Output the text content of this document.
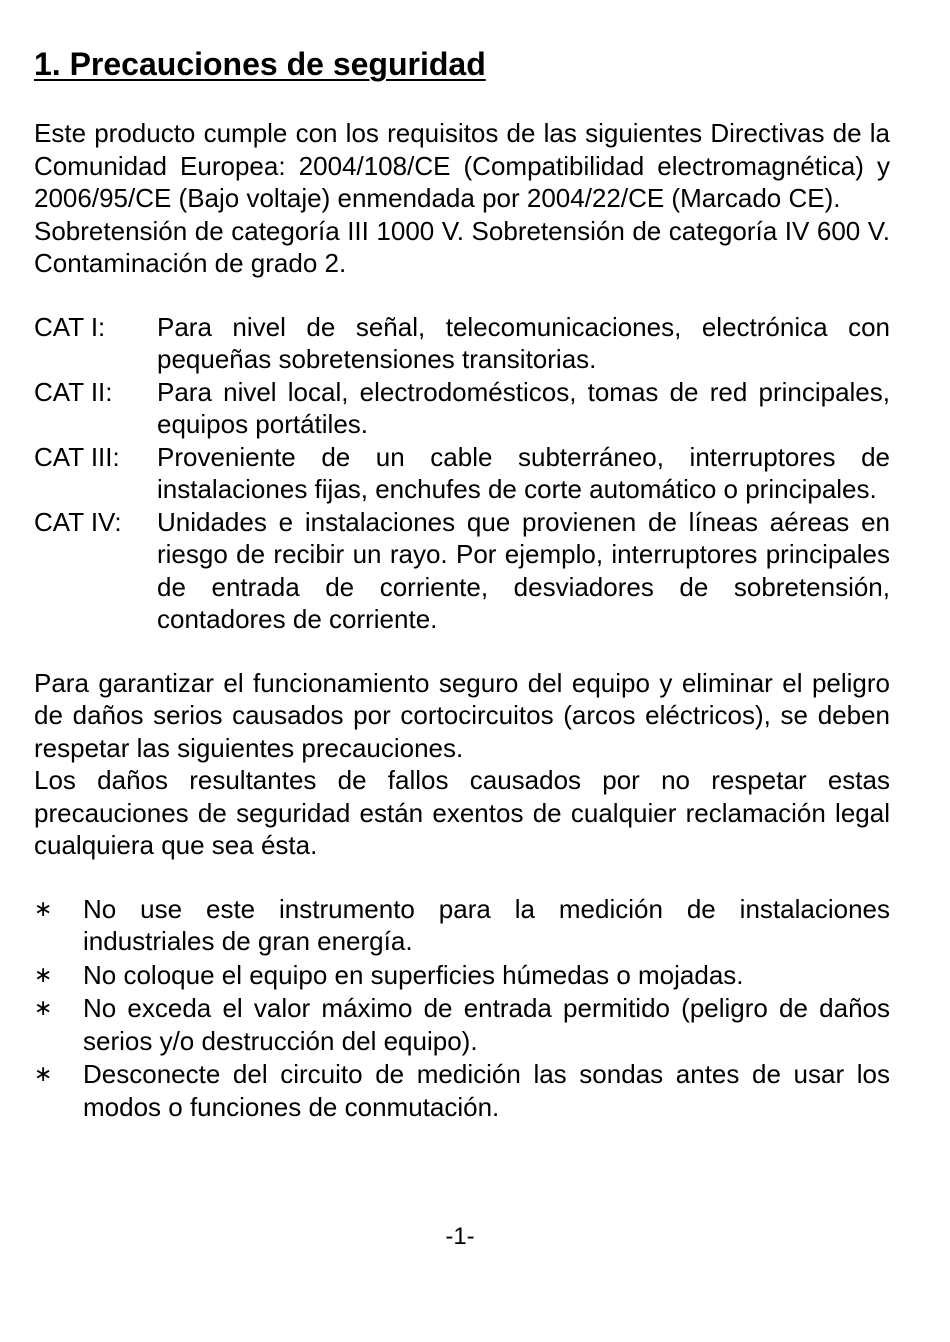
1. Precauciones de seguridad

Este producto cumple con los requisitos de las siguientes Directivas de la Comunidad Europea: 2004/108/CE (Compatibilidad electromagnética) y 2006/95/CE (Bajo voltaje) enmendada por 2004/22/CE (Marcado CE).

Sobretensión de categoría III 1000 V. Sobretensión de categoría IV 600 V. Contaminación de grado 2.

CAT I:	Para nivel de señal, telecomunicaciones, electrónica con pequeñas sobretensiones transitorias.
CAT II:	Para nivel local, electrodomésticos, tomas de red principales, equipos portátiles.
CAT III:	Proveniente de un cable subterráneo, interruptores de instalaciones fijas, enchufes de corte automático o principales.
CAT IV:	Unidades e instalaciones que provienen de líneas aéreas en riesgo de recibir un rayo. Por ejemplo, interruptores principales de entrada de corriente, desviadores de sobretensión, contadores de corriente.

Para garantizar el funcionamiento seguro del equipo y eliminar el peligro de daños serios causados por cortocircuitos (arcos eléctricos), se deben respetar las siguientes precauciones.

Los daños resultantes de fallos causados por no respetar estas precauciones de seguridad están exentos de cualquier reclamación legal cualquiera que sea ésta.

∗	No use este instrumento para la medición de instalaciones industriales de gran energía.
∗	No coloque el equipo en superficies húmedas o mojadas.
∗	No exceda el valor máximo de entrada permitido (peligro de daños serios y/o destrucción del equipo).
∗	Desconecte del circuito de medición las sondas antes de usar los modos o funciones de conmutación.
-1-
